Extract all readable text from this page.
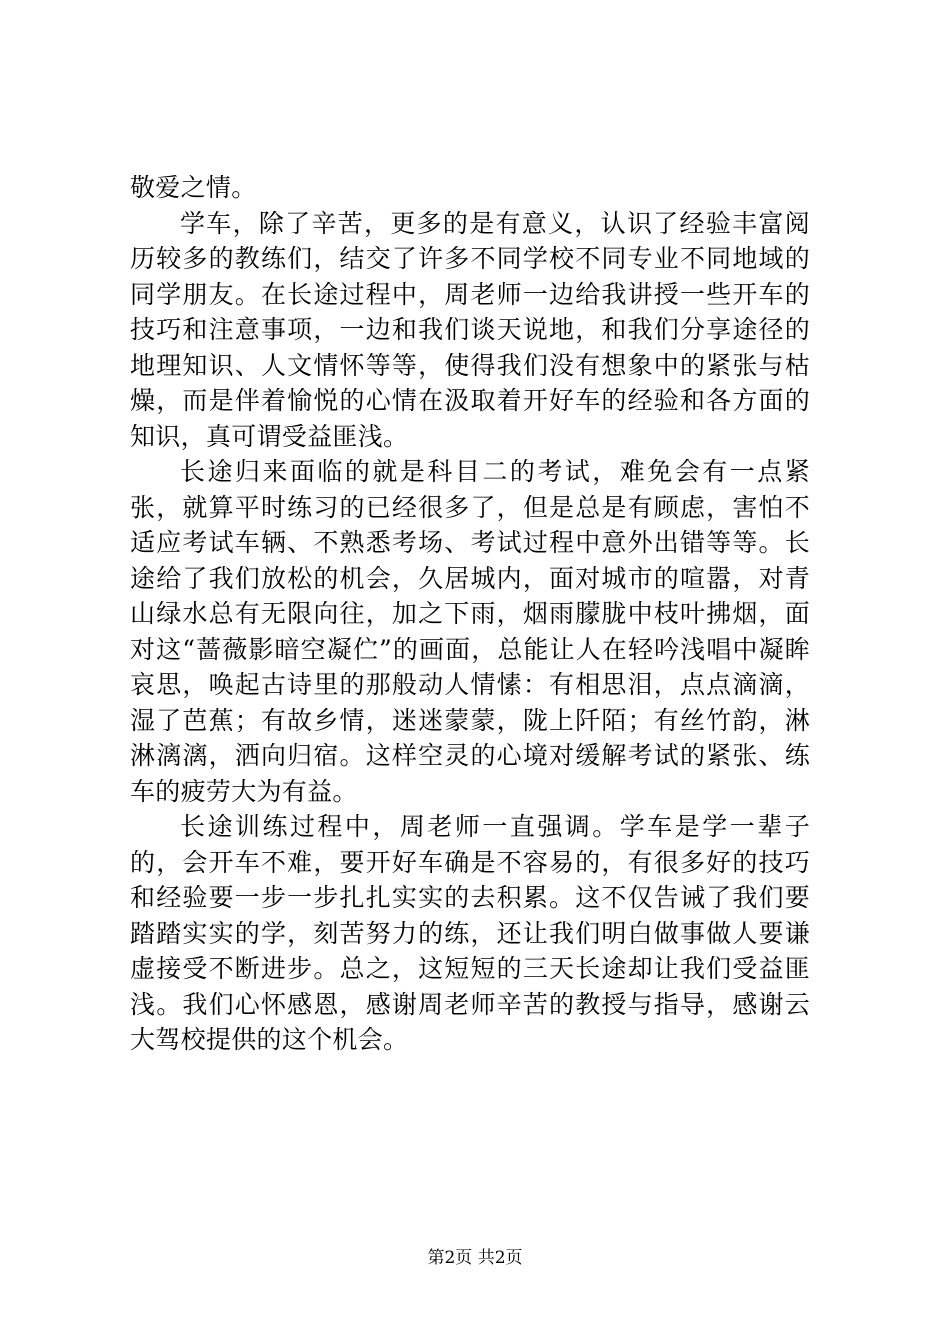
敬爱之情。

学车，除了辛苦，更多的是有意义，认识了经验丰富阅历较多的教练们，结交了许多不同学校不同专业不同地域的同学朋友。在长途过程中，周老师一边给我讲授一些开车的技巧和注意事项，一边和我们谈天说地，和我们分享途径的地理知识、人文情怀等等，使得我们没有想象中的紧张与枯燥，而是伴着愉悦的心情在汲取着开好车的经验和各方面的知识，真可谓受益匪浅。

长途归来面临的就是科目二的考试，难免会有一点紧张，就算平时练习的已经很多了，但是总是有顾虑，害怕不适应考试车辆、不熟悉考场、考试过程中意外出错等等。长途给了我们放松的机会，久居城内，面对城市的喧嚣，对青山绿水总有无限向往，加之下雨，烟雨朦胧中枝叶拂烟，面对这“蔷薇影暗空凝伫”的画面，总能让人在轻吟浅唱中凝眸哀思，唤起古诗里的那般动人情愫：有相思泪，点点滴滴，湿了芭蕉；有故乡情，迷迷蒙蒙，陇上阡陌；有丝竹韵，淋淋漓漓，洒向归宿。这样空灵的心境对缓解考试的紧张、练车的疲劳大为有益。

长途训练过程中，周老师一直强调。学车是学一辈子的，会开车不难，要开好车确是不容易的，有很多好的技巧和经验要一步一步扎扎实实的去积累。这不仅告诫了我们要踏踏实实的学，刻苦努力的练，还让我们明白做事做人要谦虚接受不断进步。总之，这短短的三天长途却让我们受益匪浅。我们心怀感恩，感谢周老师辛苦的教授与指导，感谢云大驾校提供的这个机会。

第2页 共2页
